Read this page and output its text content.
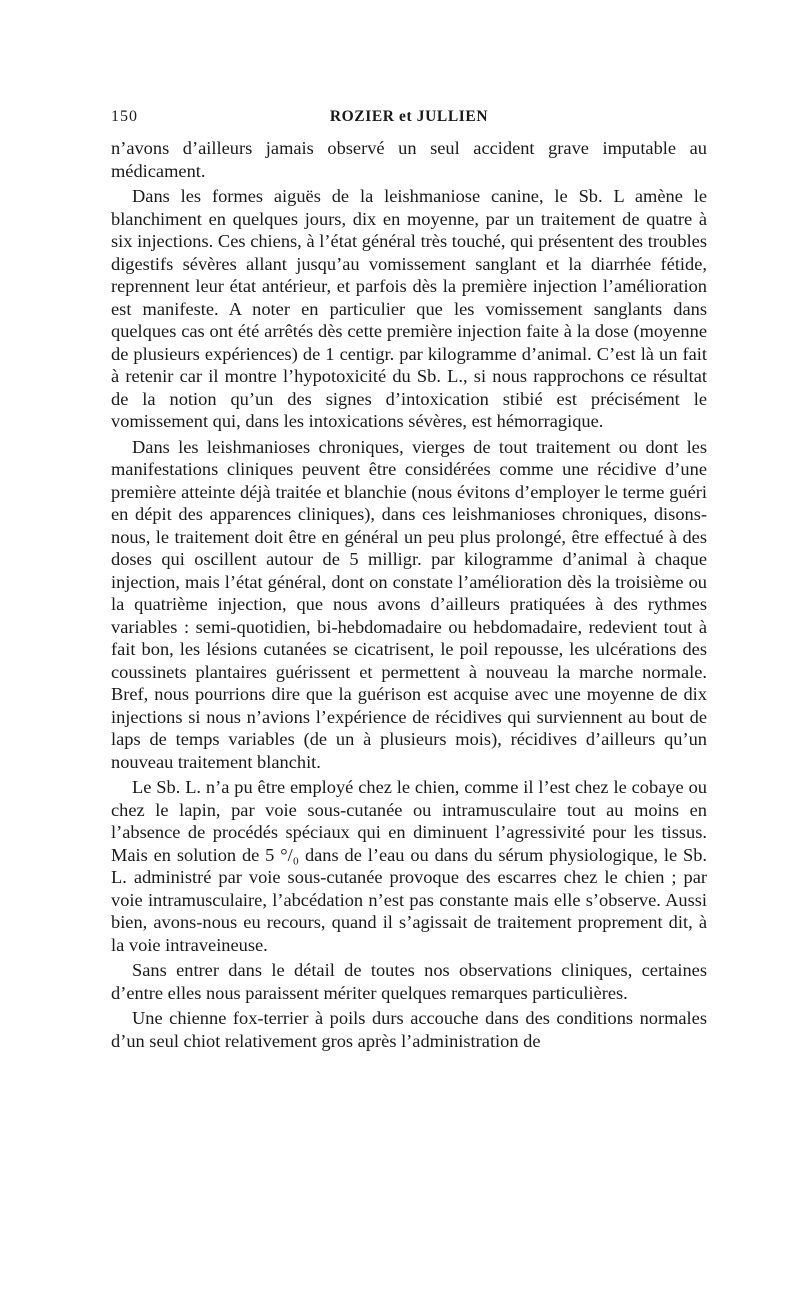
150	ROZIER et JULLIEN

n’avons d’ailleurs jamais observé un seul accident grave imputable au médicament.

Dans les formes aiguës de la leishmaniose canine, le Sb. L amène le blanchiment en quelques jours, dix en moyenne, par un traitement de quatre à six injections. Ces chiens, à l’état général très touché, qui présentent des troubles digestifs sévères allant jusqu’au vomissement sanglant et la diarrhée fétide, reprennent leur état antérieur, et parfois dès la première injection l’amélioration est manifeste. A noter en particulier que les vomissement sanglants dans quelques cas ont été arrêtés dès cette première injection faite à la dose (moyenne de plusieurs expériences) de 1 centigr. par kilogramme d’animal. C’est là un fait à retenir car il montre l’hypotoxicité du Sb. L., si nous rapprochons ce résultat de la notion qu’un des signes d’intoxication stibié est précisément le vomissement qui, dans les intoxications sévères, est hémorragique.

Dans les leishmanioses chroniques, vierges de tout traitement ou dont les manifestations cliniques peuvent être considérées comme une récidive d’une première atteinte déjà traitée et blanchie (nous évitons d’employer le terme guéri en dépit des apparences cliniques), dans ces leishmanioses chroniques, disons-nous, le traitement doit être en général un peu plus prolongé, être effectué à des doses qui oscillent autour de 5 milligr. par kilogramme d’animal à chaque injection, mais l’état général, dont on constate l’amélioration dès la troisième ou la quatrième injection, que nous avons d’ailleurs pratiquées à des rythmes variables : semi-quotidien, bi-hebdomadaire ou hebdomadaire, redevient tout à fait bon, les lésions cutanées se cicatrisent, le poil repousse, les ulcérations des coussinets plantaires guérissent et permettent à nouveau la marche normale. Bref, nous pourrions dire que la guérison est acquise avec une moyenne de dix injections si nous n’avions l’expérience de récidives qui surviennent au bout de laps de temps variables (de un à plusieurs mois), récidives d’ailleurs qu’un nouveau traitement blanchit.

Le Sb. L. n’a pu être employé chez le chien, comme il l’est chez le cobaye ou chez le lapin, par voie sous-cutanée ou intramusculaire tout au moins en l’absence de procédés spéciaux qui en diminuent l’agressivité pour les tissus. Mais en solution de 5 °/₀ dans de l’eau ou dans du sérum physiologique, le Sb. L. administré par voie sous-cutanée provoque des escarres chez le chien ; par voie intramusculaire, l’abcédation n’est pas constante mais elle s’observe. Aussi bien, avons-nous eu recours, quand il s’agissait de traitement proprement dit, à la voie intraveineuse.

Sans entrer dans le détail de toutes nos observations cliniques, certaines d’entre elles nous paraissent mériter quelques remarques particulières.

Une chienne fox-terrier à poils durs accouche dans des conditions normales d’un seul chiot relativement gros après l’administration de
